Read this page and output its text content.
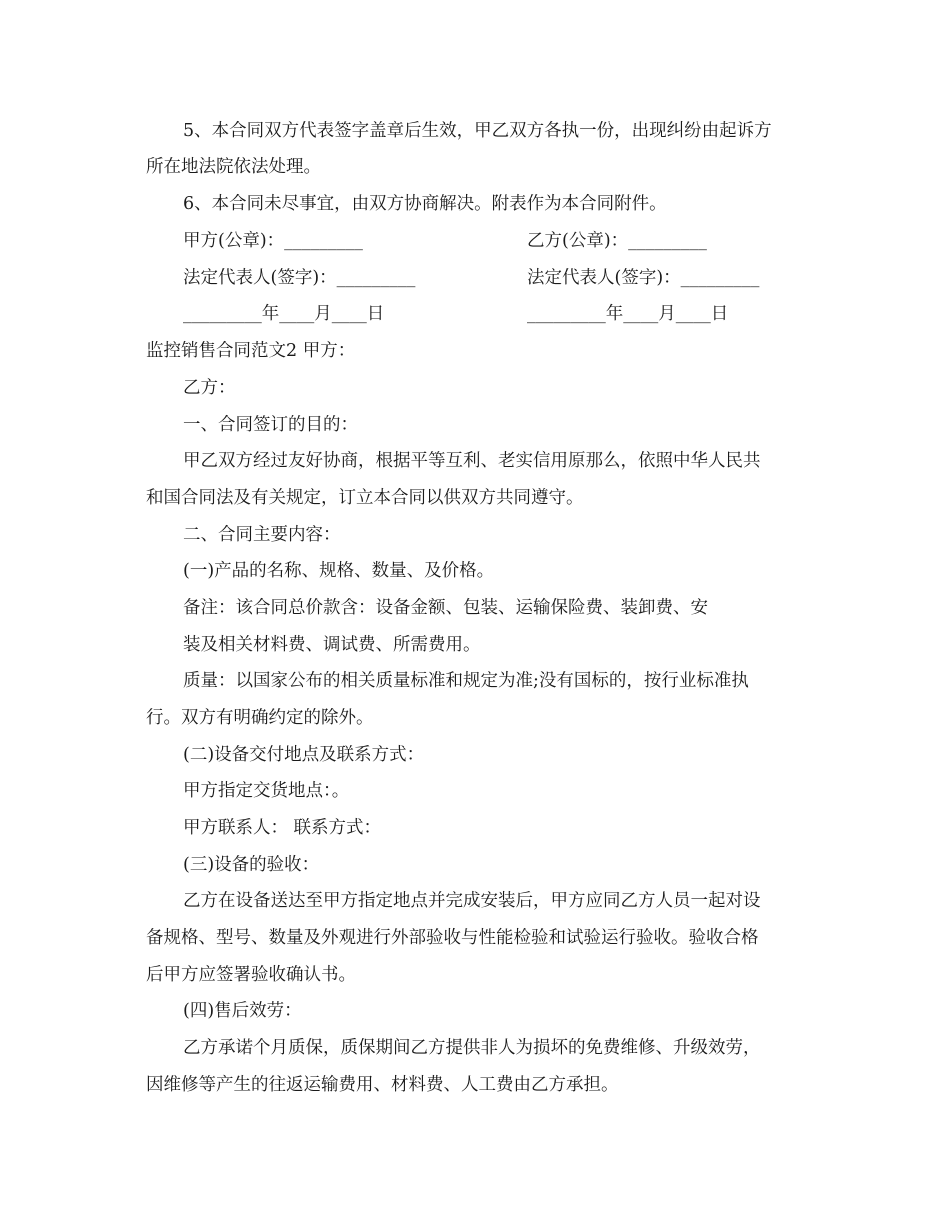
5、本合同双方代表签字盖章后生效，甲乙双方各执一份，出现纠纷由起诉方
所在地法院依法处理。
6、本合同未尽事宜，由双方协商解决。附表作为本合同附件。
甲方(公章)：_________	乙方(公章)：_________
法定代表人(签字)：_________	法定代表人(签字)：_________
_________年____月____日	_________年____月____日
监控销售合同范文2 甲方：
乙方：
一、合同签订的目的：
甲乙双方经过友好协商，根据平等互利、老实信用原那么，依照中华人民共
和国合同法及有关规定，订立本合同以供双方共同遵守。
二、合同主要内容：
(一)产品的名称、规格、数量、及价格。
备注：该合同总价款含：设备金额、包装、运输保险费、装卸费、安
装及相关材料费、调试费、所需费用。
质量：以国家公布的相关质量标准和规定为准;没有国标的，按行业标准执
行。双方有明确约定的除外。
(二)设备交付地点及联系方式：
甲方指定交货地点：。
甲方联系人： 联系方式：
(三)设备的验收：
乙方在设备送达至甲方指定地点并完成安装后，甲方应同乙方人员一起对设
备规格、型号、数量及外观进行外部验收与性能检验和试验运行验收。验收合格
后甲方应签署验收确认书。
(四)售后效劳：
乙方承诺个月质保，质保期间乙方提供非人为损坏的免费维修、升级效劳，
因维修等产生的往返运输费用、材料费、人工费由乙方承担。
